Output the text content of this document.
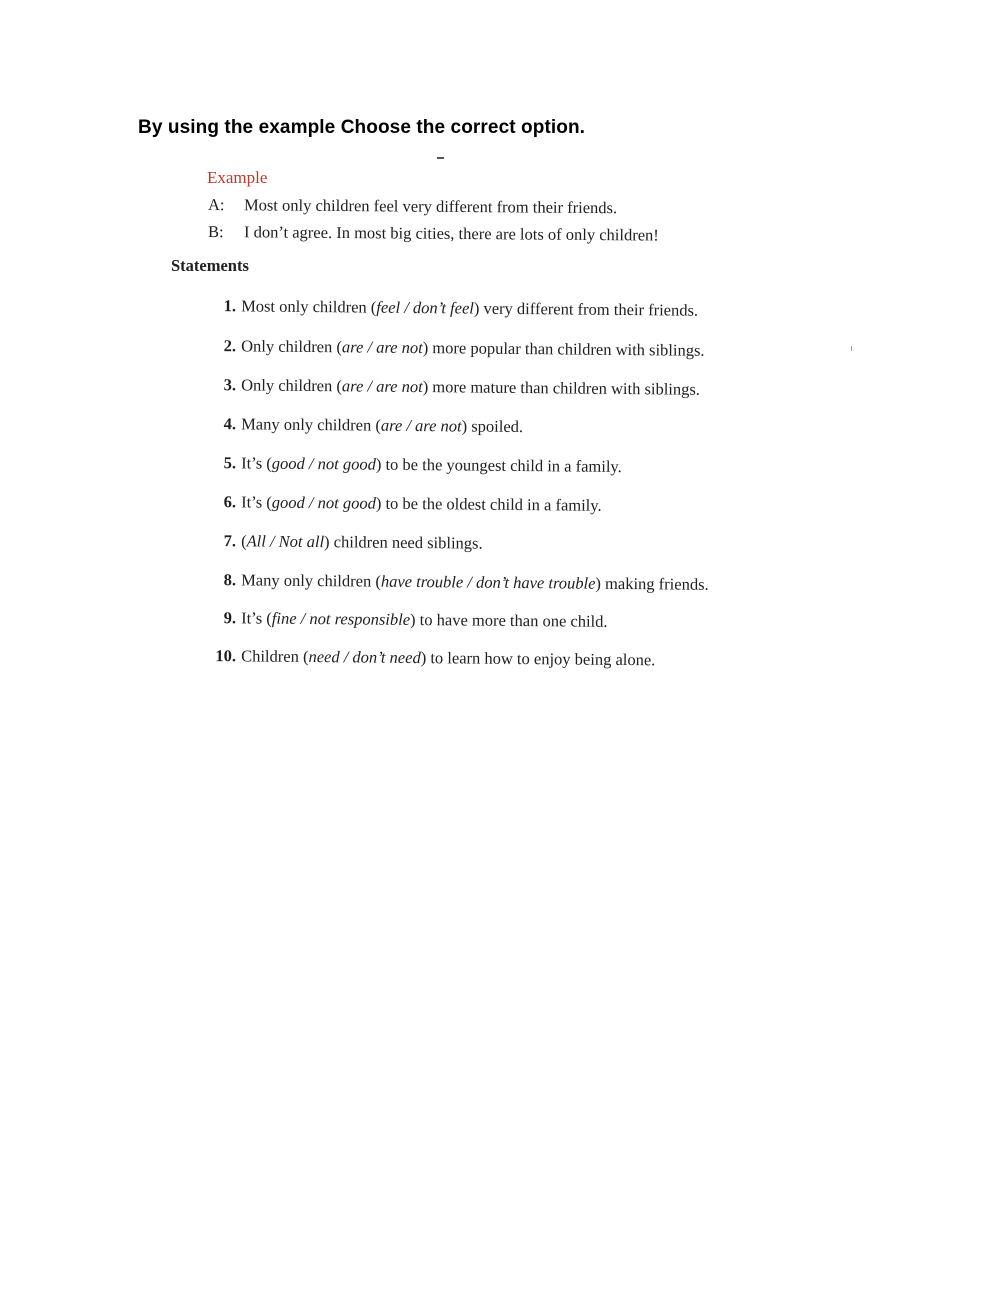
By using the example Choose the correct option.
Example
A: Most only children feel very different from their friends.
B: I don’t agree. In most big cities, there are lots of only children!
Statements
1. Most only children (feel / don’t feel) very different from their friends.
2. Only children (are / are not) more popular than children with siblings.
3. Only children (are / are not) more mature than children with siblings.
4. Many only children (are / are not) spoiled.
5. It’s (good / not good) to be the youngest child in a family.
6. It’s (good / not good) to be the oldest child in a family.
7. (All / Not all) children need siblings.
8. Many only children (have trouble / don’t have trouble) making friends.
9. It’s (fine / not responsible) to have more than one child.
10. Children (need / don’t need) to learn how to enjoy being alone.
